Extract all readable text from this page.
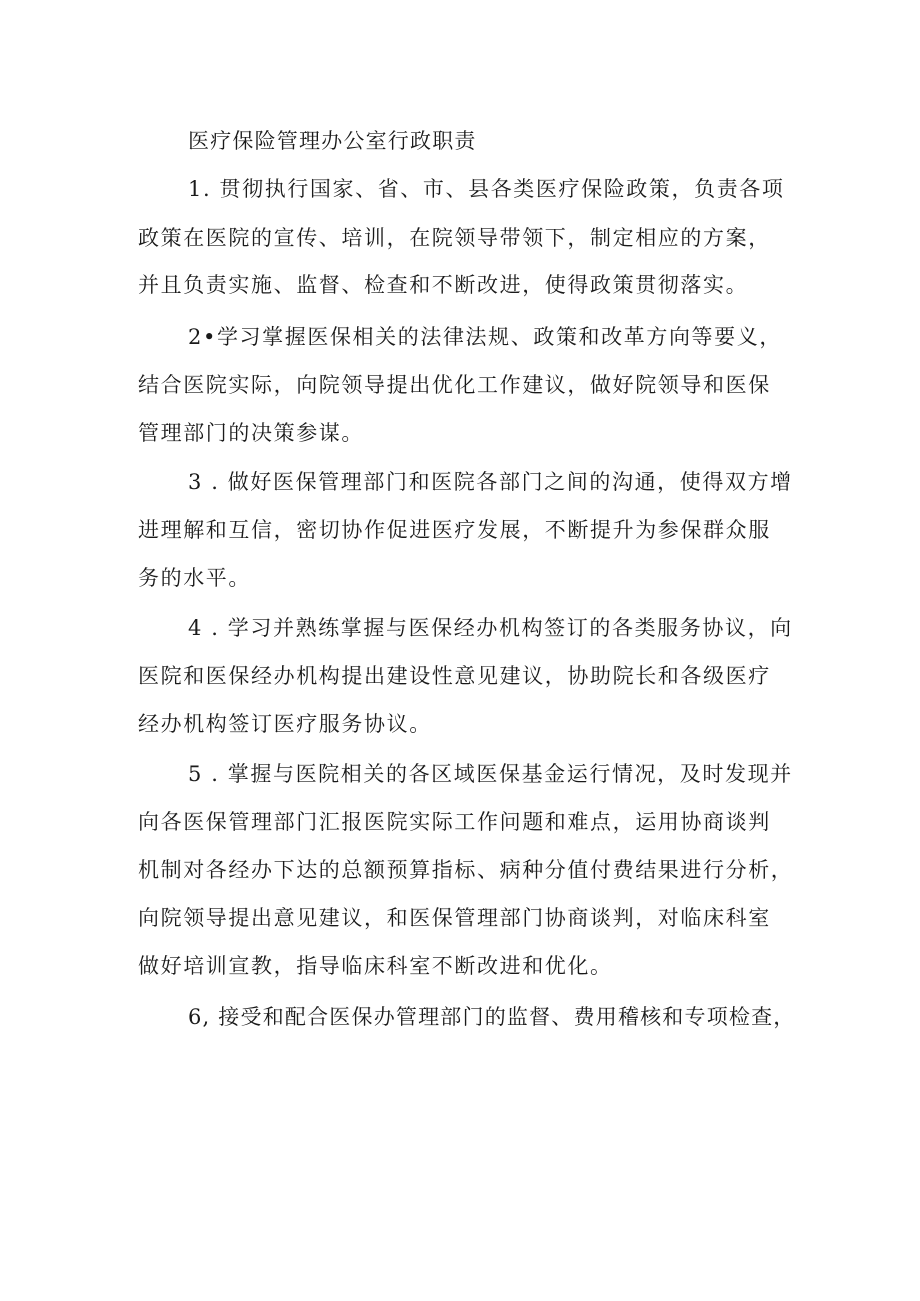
医疗保险管理办公室行政职责
1. 贯彻执行国家、省、市、县各类医疗保险政策，负责各项
政策在医院的宣传、培训，在院领导带领下，制定相应的方案，
并且负责实施、监督、检查和不断改进，使得政策贯彻落实。
2•学习掌握医保相关的法律法规、政策和改革方向等要义，
结合医院实际，向院领导提出优化工作建议，做好院领导和医保
管理部门的决策参谋。
3 . 做好医保管理部门和医院各部门之间的沟通，使得双方增
进理解和互信，密切协作促进医疗发展，不断提升为参保群众服
务的水平。
4 . 学习并熟练掌握与医保经办机构签订的各类服务协议，向
医院和医保经办机构提出建设性意见建议，协助院长和各级医疗
经办机构签订医疗服务协议。
5 . 掌握与医院相关的各区域医保基金运行情况，及时发现并
向各医保管理部门汇报医院实际工作问题和难点，运用协商谈判
机制对各经办下达的总额预算指标、病种分值付费结果进行分析，
向院领导提出意见建议，和医保管理部门协商谈判，对临床科室
做好培训宣教，指导临床科室不断改进和优化。
6, 接受和配合医保办管理部门的监督、费用稽核和专项检查，
